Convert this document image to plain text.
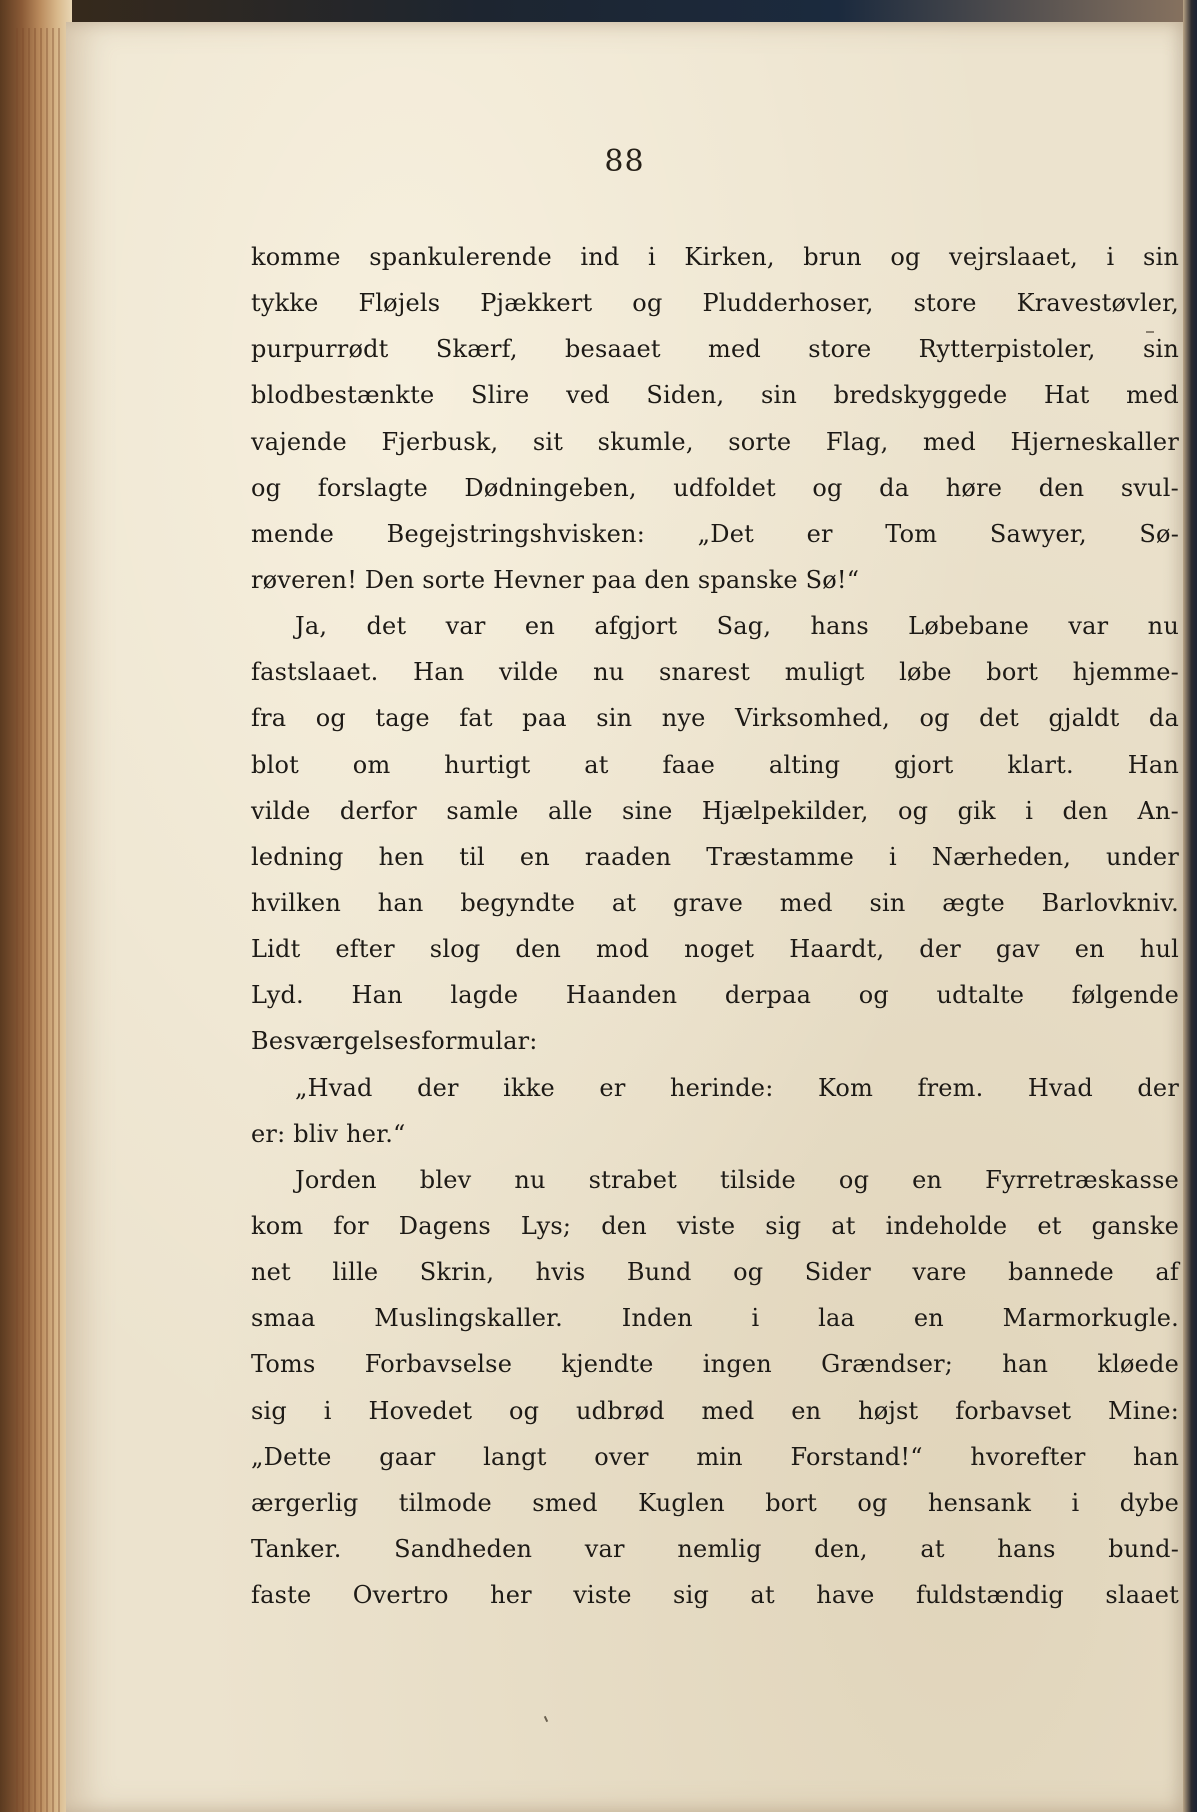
88
komme spankulerende ind i Kirken, brun og vejrslaaet, i sin
tykke Fløjels Pjækkert og Pludderhoser, store Kravestøvler,
purpurrødt Skærf, besaaet med store Rytterpistoler, sin
blodbestænkte Slire ved Siden, sin bredskyggede Hat med
vajende Fjerbusk, sit skumle, sorte Flag, med Hjerneskaller
og forslagte Dødningeben, udfoldet og da høre den svul-
mende Begejstringshvisken: „Det er Tom Sawyer, Sø-
røveren! Den sorte Hevner paa den spanske Sø!“
Ja, det var en afgjort Sag, hans Løbebane var nu
fastslaaet. Han vilde nu snarest muligt løbe bort hjemme-
fra og tage fat paa sin nye Virksomhed, og det gjaldt da
blot om hurtigt at faae alting gjort klart. Han
vilde derfor samle alle sine Hjælpekilder, og gik i den An-
ledning hen til en raaden Træstamme i Nærheden, under
hvilken han begyndte at grave med sin ægte Barlovkniv.
Lidt efter slog den mod noget Haardt, der gav en hul
Lyd. Han lagde Haanden derpaa og udtalte følgende
Besværgelsesformular:
„Hvad der ikke er herinde: Kom frem. Hvad der
er: bliv her.“
Jorden blev nu strabet tilside og en Fyrretræskasse
kom for Dagens Lys; den viste sig at indeholde et ganske
net lille Skrin, hvis Bund og Sider vare bannede af
smaa Muslingskaller. Inden i laa en Marmorkugle.
Toms Forbavselse kjendte ingen Grændser; han kløede
sig i Hovedet og udbrød med en højst forbavset Mine:
„Dette gaar langt over min Forstand!“ hvorefter han
ærgerlig tilmode smed Kuglen bort og hensank i dybe
Tanker. Sandheden var nemlig den, at hans bund-
faste Overtro her viste sig at have fuldstændig slaaet
